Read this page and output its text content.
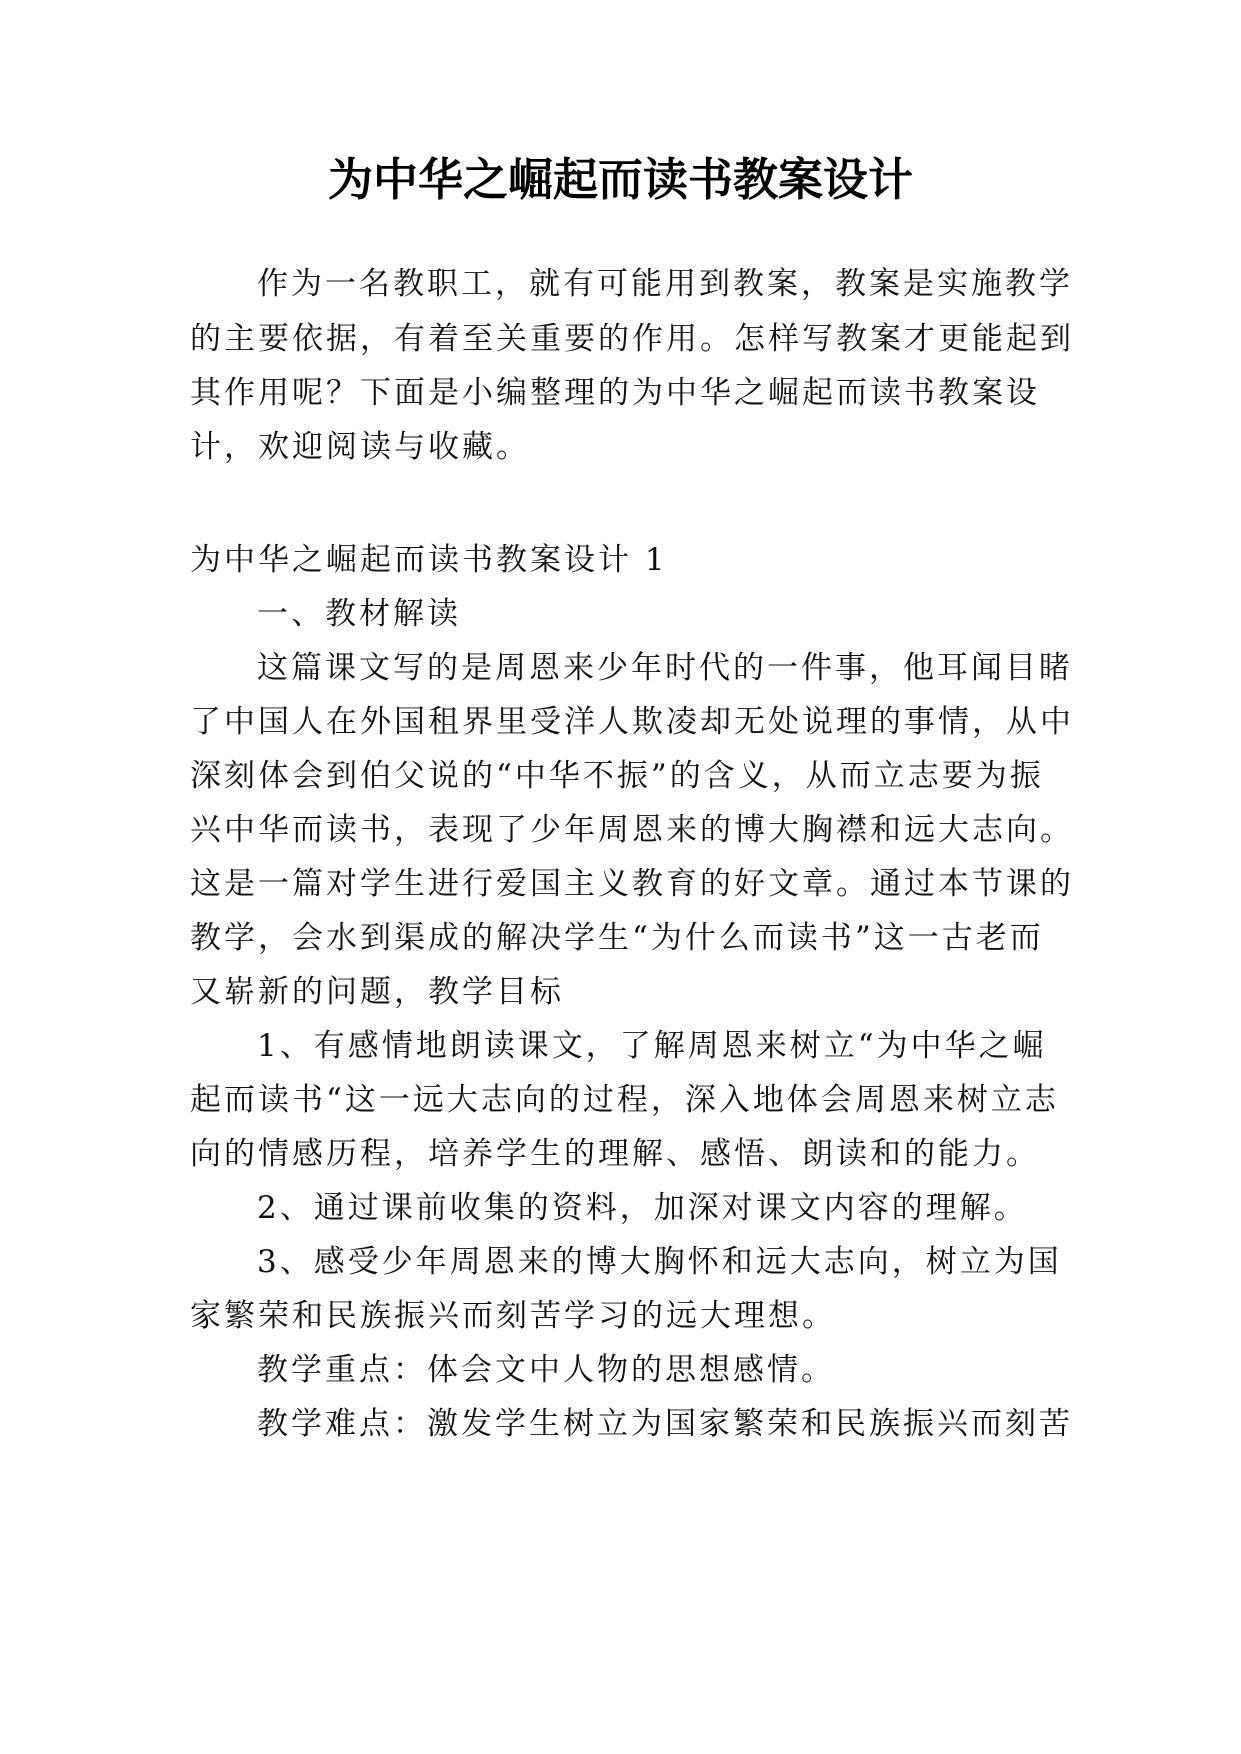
为中华之崛起而读书教案设计

作为一名教职工，就有可能用到教案，教案是实施教学

的主要依据，有着至关重要的作用。怎样写教案才更能起到

其作用呢？下面是小编整理的为中华之崛起而读书教案设

计，欢迎阅读与收藏。

为中华之崛起而读书教案设计 1

一、教材解读

这篇课文写的是周恩来少年时代的一件事，他耳闻目睹

了中国人在外国租界里受洋人欺凌却无处说理的事情，从中

深刻体会到伯父说的“中华不振”的含义，从而立志要为振

兴中华而读书，表现了少年周恩来的博大胸襟和远大志向。

这是一篇对学生进行爱国主义教育的好文章。通过本节课的

教学，会水到渠成的解决学生“为什么而读书”这一古老而

又崭新的问题，教学目标

1、有感情地朗读课文，了解周恩来树立“为中华之崛

起而读书“这一远大志向的过程，深入地体会周恩来树立志

向的情感历程，培养学生的理解、感悟、朗读和的能力。

2、通过课前收集的资料，加深对课文内容的理解。

3、感受少年周恩来的博大胸怀和远大志向，树立为国

家繁荣和民族振兴而刻苦学习的远大理想。

教学重点：体会文中人物的思想感情。

教学难点：激发学生树立为国家繁荣和民族振兴而刻苦
